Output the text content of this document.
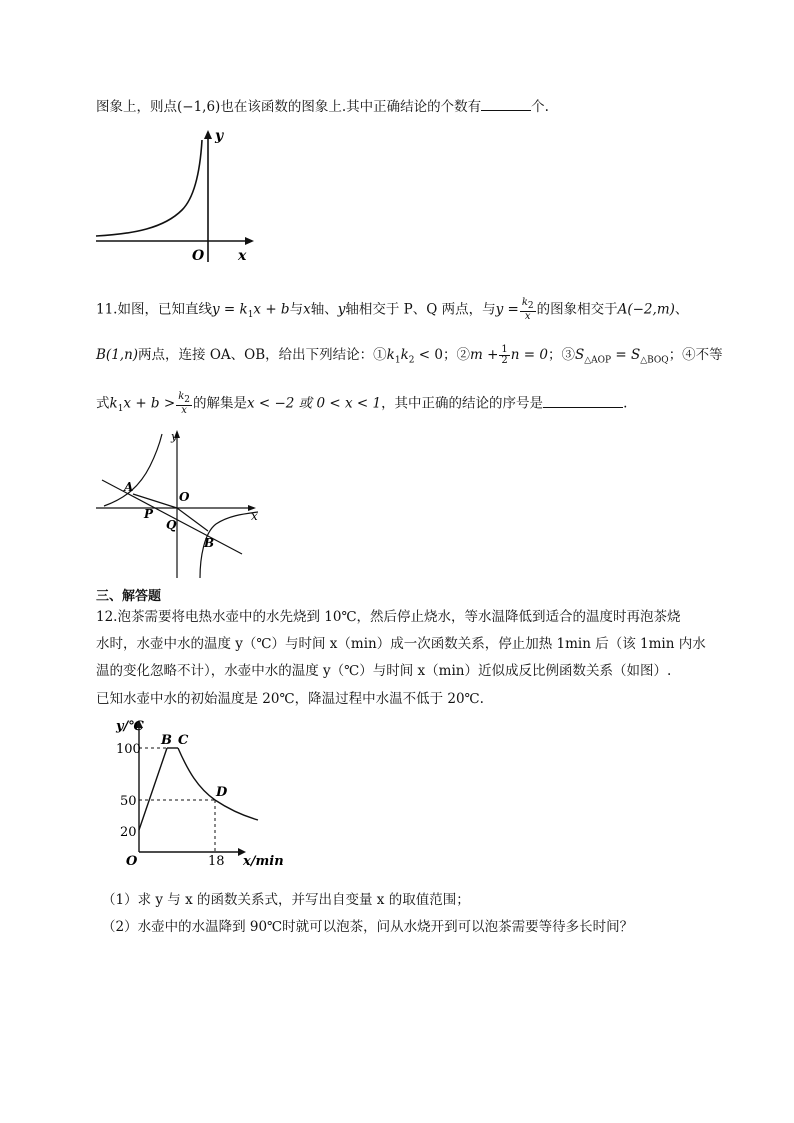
图象上，则点(−1,6)也在该函数的图象上.其中正确结论的个数有	个.
y
x
O
11.如图，已知直线$y = k_1x + b$与x轴、y轴相交于 P、Q 两点，与$y = \frac{k_2}{x}$ 的图象相交于A(−2,m)、
B(1,n)两点，连接 OA、OB，给出下列结论：$①k_1k_2 < 0$；②m + $\frac{1}{2}$ n = 0；$③S_{\triangle AOP} = S_{\triangle BOQ}$；④不等
式$k_1x + b > \frac{k_2}{x}$ 的解集是x < −2 或 0 < x < 1，其中正确的结论的序号是	.
A
B
P
Q
O
y
x
三、解答题
12.泡茶需要将电热水壶中的水先烧到 10℃，然后停止烧水，等水温降低到适合的温度时再泡茶烧
水时，水壶中水的温度 y（℃）与时间 x（min）成一次函数关系，停止加热 1min 后（该 1min 内水
温的变化忽略不计），水壶中水的温度 y（℃）与时间 x（min）近似成反比例函数关系（如图）.
已知水壶中水的初始温度是 20℃，降温过程中水温不低于 20℃.
y/℃
100
50
20
O	18 x/min
B C
D
（1）求 y 与 x 的函数关系式，并写出自变量 x 的取值范围；
（2）水壶中的水温降到 90℃时就可以泡茶，问从水烧开到可以泡茶需要等待多长时间？
